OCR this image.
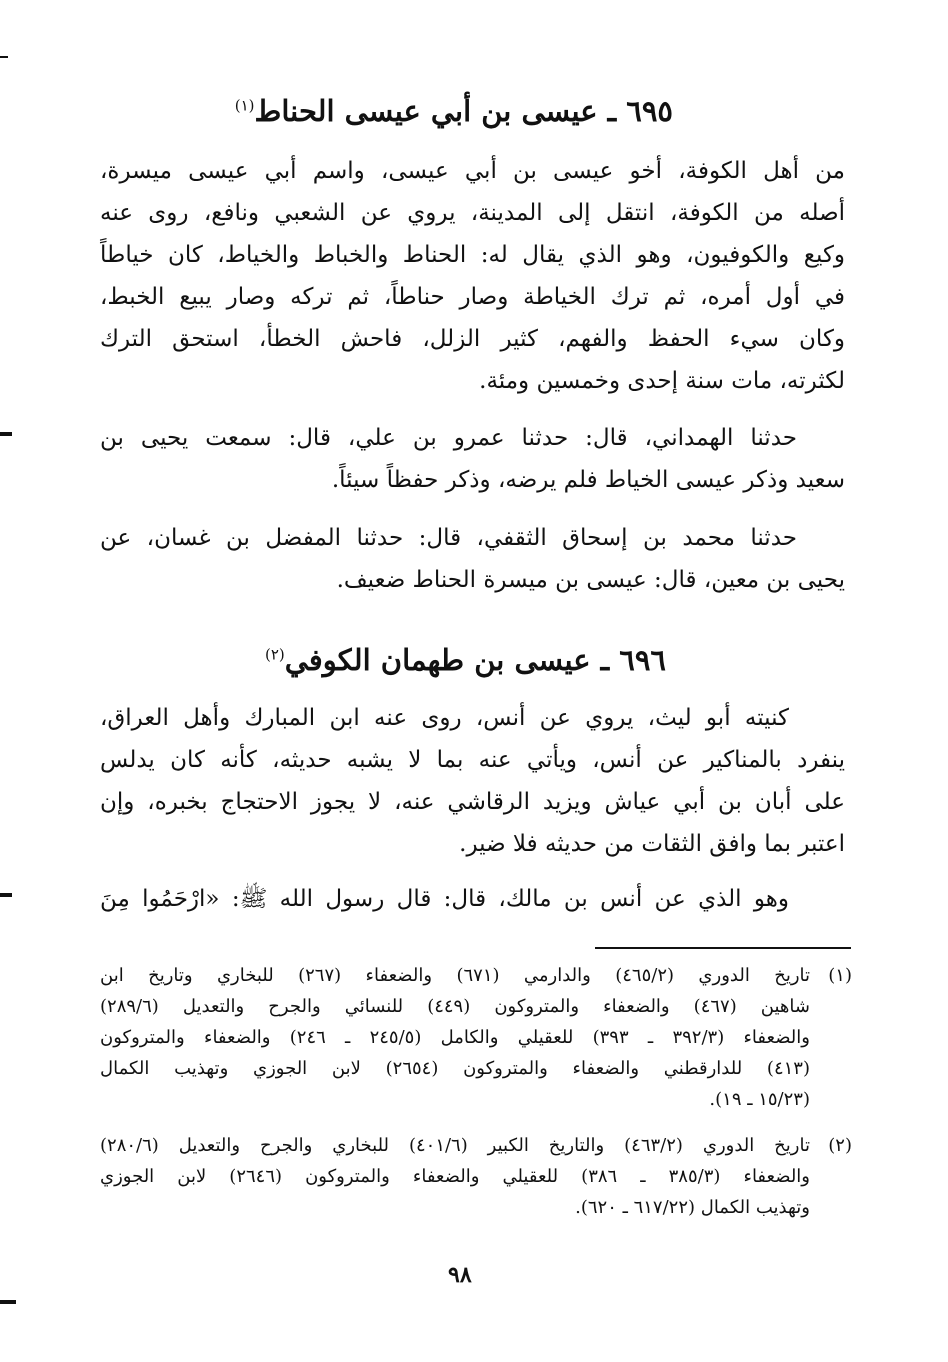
٦٩٥ ـ عيسى بن أبي عيسى الحناط$^{(١)}$
من أهل الكوفة، أخو عيسى بن أبي عيسى، واسم أبي عيسى ميسرة،
أصله من الكوفة، انتقل إلى المدينة، يروي عن الشعبي ونافع، روى عنه
وكيع والكوفيون، وهو الذي يقال له: الحناط والخباط والخياط، كان خياطاً
في أول أمره، ثم ترك الخياطة وصار حناطاً، ثم تركه وصار يبيع الخبط،
وكان سيء الحفظ والفهم، كثير الزلل، فاحش الخطأ، استحق الترك
لكثرته، مات سنة إحدى وخمسين ومئة.
حدثنا الهمداني، قال: حدثنا عمرو بن علي، قال: سمعت يحيى بن
سعيد وذكر عيسى الخياط فلم يرضه، وذكر حفظاً سيئاً.
حدثنا محمد بن إسحاق الثقفي، قال: حدثنا المفضل بن غسان، عن
يحيى بن معين، قال: عيسى بن ميسرة الحناط ضعيف.
٦٩٦ ـ عيسى بن طهمان الكوفي$^{(٢)}$
كنيته أبو ليث، يروي عن أنس، روى عنه ابن المبارك وأهل العراق،
ينفرد بالمناكير عن أنس، ويأتي عنه بما لا يشبه حديثه، كأنه كان يدلس
على أبان بن أبي عياش ويزيد الرقاشي عنه، لا يجوز الاحتجاج بخبره، وإن
اعتبر بما وافق الثقات من حديثه فلا ضير.
وهو الذي عن أنس بن مالك، قال: قال رسول الله ﷺ: «ارْحَمُوا مِنَ
(١)
تاريخ الدوري (٤٦٥/٢) والدارمي (٦٧١) والضعفاء (٢٦٧) للبخاري وتاريخ ابن
شاهين (٤٦٧) والضعفاء والمتروكون (٤٤٩) للنسائي والجرح والتعديل (٢٨٩/٦)
والضعفاء (٣٩٢/٣ ـ ٣٩٣) للعقيلي والكامل (٢٤٥/٥ ـ ٢٤٦) والضعفاء والمتروكون
(٤١٣) للدارقطني والضعفاء والمتروكون (٢٦٥٤) لابن الجوزي وتهذيب الكمال
(١٥/٢٣ ـ ١٩).
(٢)
تاريخ الدوري (٤٦٣/٢) والتاريخ الكبير (٤٠١/٦) للبخاري والجرح والتعديل (٢٨٠/٦)
والضعفاء (٣٨٥/٣ ـ ٣٨٦) للعقيلي والضعفاء والمتروكون (٢٦٤٦) لابن الجوزي
وتهذيب الكمال (٦١٧/٢٢ ـ ٦٢٠).
٩٨
